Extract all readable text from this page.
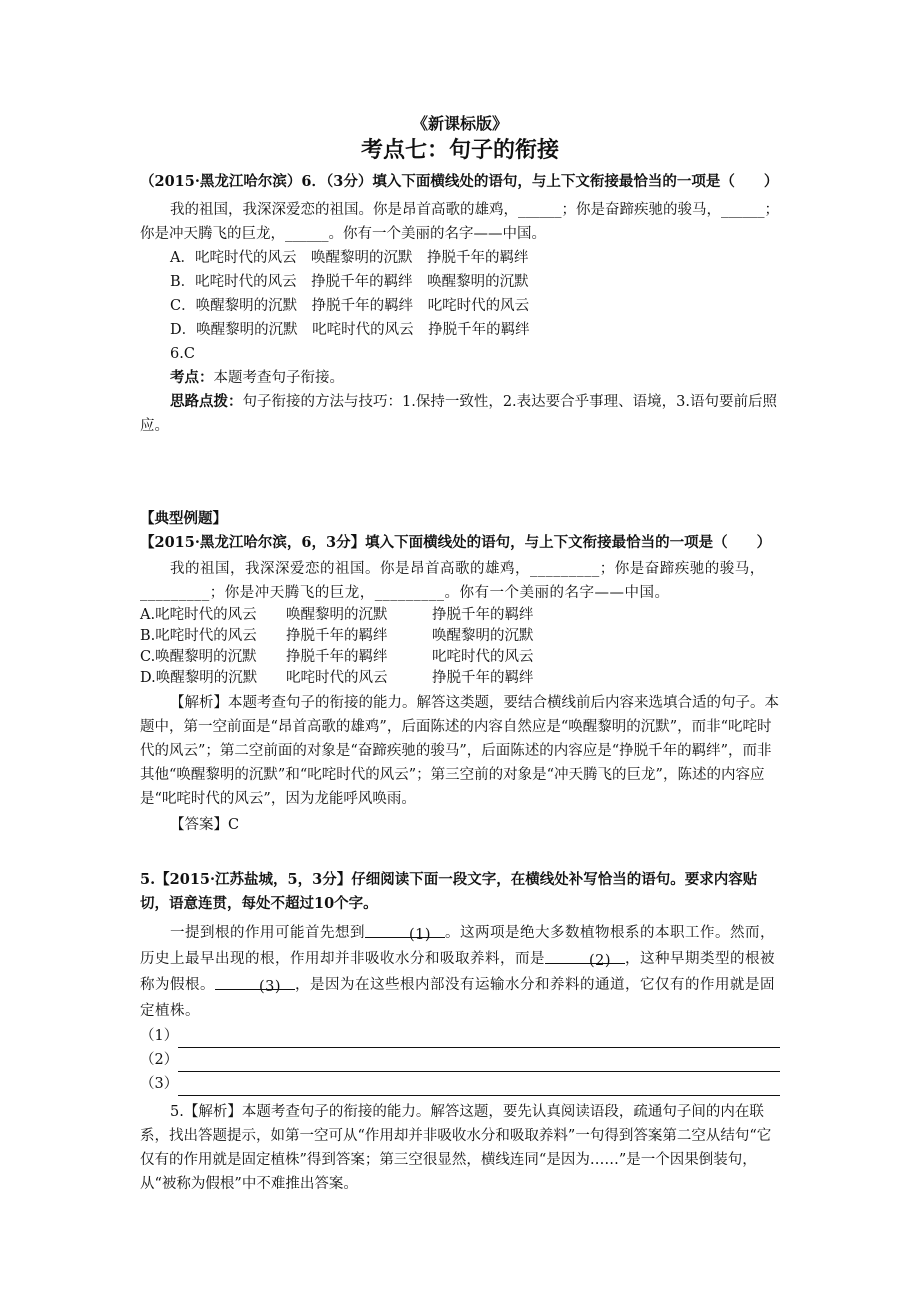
《新课标版》
考点七：句子的衔接

（2015·黑龙江哈尔滨）6．（3分）填入下面横线处的语句，与上下文衔接最恰当的一项是（　　）

我的祖国，我深深爱恋的祖国。你是昂首高歌的雄鸡，______；你是奋蹄疾驰的骏马，______；你是冲天腾飞的巨龙，______。你有一个美丽的名字——中国。

A．叱咤时代的风云　唤醒黎明的沉默　挣脱千年的羁绊

B．叱咤时代的风云　挣脱千年的羁绊　唤醒黎明的沉默

C．唤醒黎明的沉默　挣脱千年的羁绊　叱咤时代的风云

D．唤醒黎明的沉默　叱咤时代的风云　挣脱千年的羁绊

6.C

考点：本题考查句子衔接。

思路点拨：句子衔接的方法与技巧：1.保持一致性，2.表达要合乎事理、语境，3.语句要前后照应。

【典型例题】

【2015·黑龙江哈尔滨，6，3分】填入下面横线处的语句，与上下文衔接最恰当的一项是（　　）

我的祖国，我深深爱恋的祖国。你是昂首高歌的雄鸡，_________；你是奋蹄疾驰的骏马，_________；你是冲天腾飞的巨龙，_________。你有一个美丽的名字——中国。

A.叱咤时代的风云	唤醒黎明的沉默	挣脱千年的羁绊
B.叱咤时代的风云	挣脱千年的羁绊	唤醒黎明的沉默
C.唤醒黎明的沉默	挣脱千年的羁绊	叱咤时代的风云
D.唤醒黎明的沉默	叱咤时代的风云	挣脱千年的羁绊

【解析】本题考查句子的衔接的能力。解答这类题，要结合横线前后内容来选填合适的句子。本题中，第一空前面是“昂首高歌的雄鸡”，后面陈述的内容自然应是“唤醒黎明的沉默”，而非“叱咤时代的风云”；第二空前面的对象是“奋蹄疾驰的骏马”，后面陈述的内容应是“挣脱千年的羁绊”，而非其他“唤醒黎明的沉默”和“叱咤时代的风云”；第三空前的对象是“冲天腾飞的巨龙”，陈述的内容应是“叱咤时代的风云”，因为龙能呼风唤雨。

【答案】C

5.【2015·江苏盐城，5，3分】仔细阅读下面一段文字，在横线处补写恰当的语句。要求内容贴切，语意连贯，每处不超过10个字。

一提到根的作用可能首先想到	(1) 。这两项是绝大多数植物根系的本职工作。然而，历史上最早出现的根，作用却并非吸收水分和吸取养料，而是	(2) ，这种早期类型的根被称为假根。	(3) ，是因为在这些根内部没有运输水分和养料的通道，它仅有的作用就是固定植株。

（1）
（2）
（3）

5.【解析】本题考查句子的衔接的能力。解答这题，要先认真阅读语段，疏通句子间的内在联系，找出答题提示，如第一空可从“作用却并非吸收水分和吸取养料”一句得到答案第二空从结句“它仅有的作用就是固定植株”得到答案；第三空很显然，横线连同“是因为……”是一个因果倒装句，从“被称为假根”中不难推出答案。
